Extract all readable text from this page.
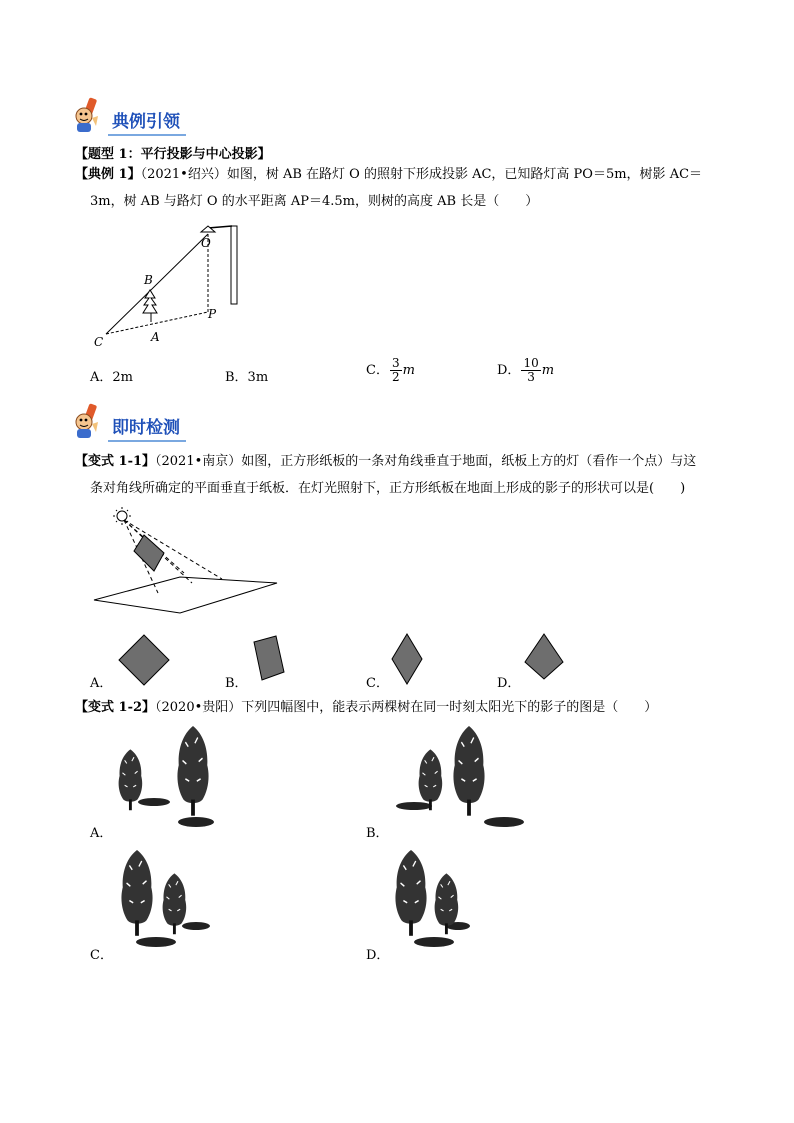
典例引领
【题型 1：平行投影与中心投影】
【典例 1】（2021•绍兴）如图，树 AB 在路灯 O 的照射下形成投影 AC，已知路灯高 PO＝5m，树影 AC＝
3m，树 AB 与路灯 O 的水平距离 AP＝4.5m，则树的高度 AB 长是（　　）
O
B
P
C	A
A．2m	B．3m	C． $\frac{3}{2}$ m	D． $\frac{10}{3}$ m
即时检测
【变式 1-1】（2021•南京）如图，正方形纸板的一条对角线垂直于地面，纸板上方的灯（看作一个点）与这
条对角线所确定的平面垂直于纸板．在灯光照射下，正方形纸板在地面上形成的影子的形状可以是(　　)
A．	B．	C．	D．
【变式 1-2】（2020•贵阳）下列四幅图中，能表示两棵树在同一时刻太阳光下的影子的图是（　　）
A．	B．
C．	D．
